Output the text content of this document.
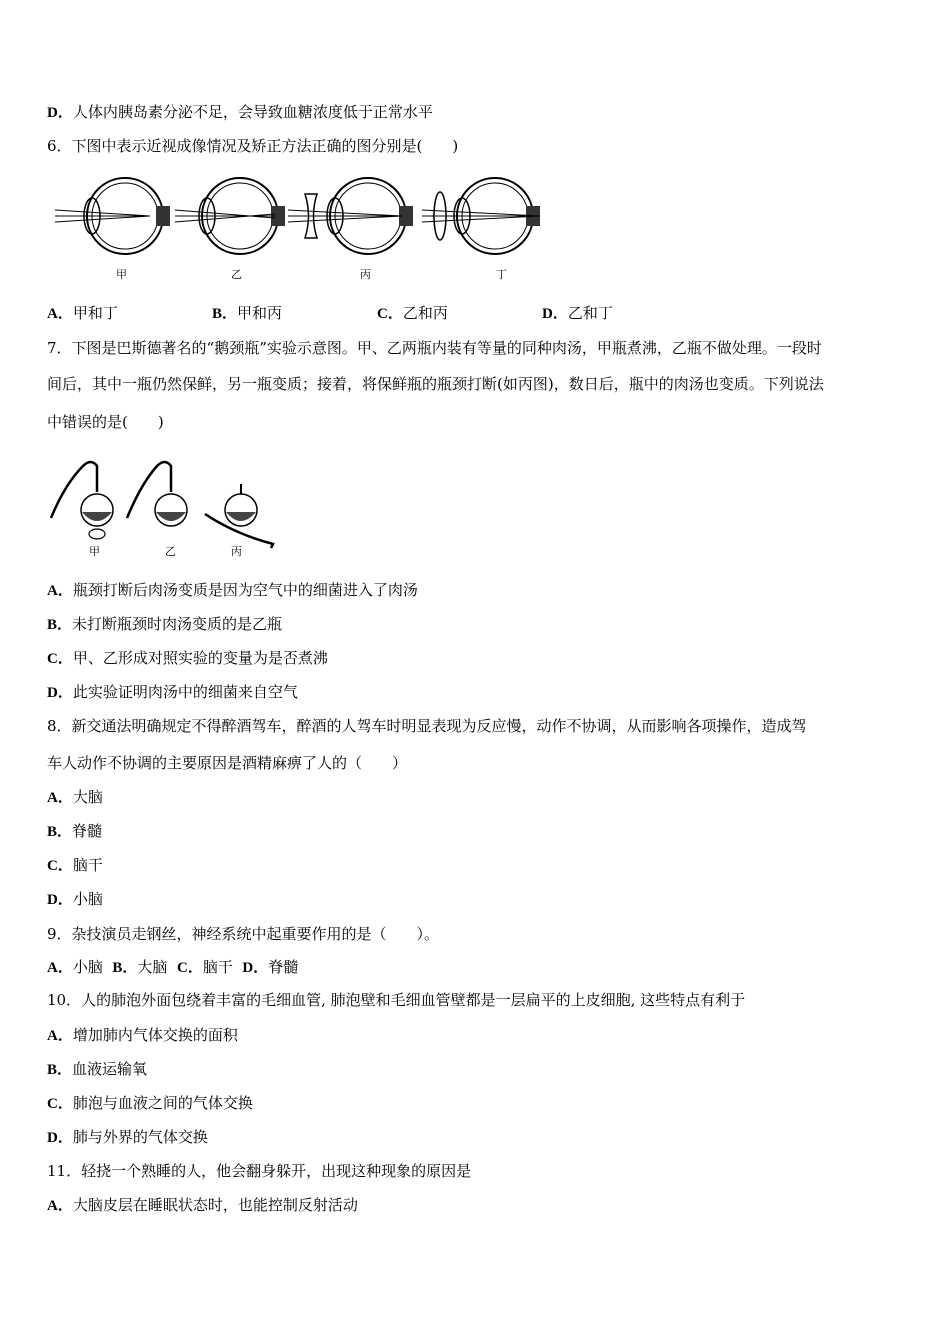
D．人体内胰岛素分泌不足，会导致血糖浓度低于正常水平
6．下图中表示近视成像情况及矫正方法正确的图分别是(　　)
甲	乙	丙	丁
A．甲和丁	B．甲和丙	C．乙和丙	D．乙和丁
7．下图是巴斯德著名的“鹅颈瓶”实验示意图。甲、乙两瓶内装有等量的同种肉汤，甲瓶煮沸，乙瓶不做处理。一段时
间后，其中一瓶仍然保鲜，另一瓶变质；接着，将保鲜瓶的瓶颈打断(如丙图)，数日后，瓶中的肉汤也变质。下列说法
中错误的是(　　)
甲	乙	丙
A．瓶颈打断后肉汤变质是因为空气中的细菌进入了肉汤
B．未打断瓶颈时肉汤变质的是乙瓶
C．甲、乙形成对照实验的变量为是否煮沸
D．此实验证明肉汤中的细菌来自空气
8．新交通法明确规定不得醉酒驾车，醉酒的人驾车时明显表现为反应慢，动作不协调，从而影响各项操作，造成驾
车人动作不协调的主要原因是酒精麻痹了人的（　　）
A．大脑
B．脊髓
C．脑干
D．小脑
9．杂技演员走钢丝，神经系统中起重要作用的是（　　）。
A．小脑 B．大脑 C．脑干 D．脊髓
10．人的肺泡外面包绕着丰富的毛细血管, 肺泡壁和毛细血管壁都是一层扁平的上皮细胞, 这些特点有利于
A．增加肺内气体交换的面积
B．血液运输氧
C．肺泡与血液之间的气体交换
D．肺与外界的气体交换
11．轻挠一个熟睡的人，他会翻身躲开，出现这种现象的原因是
A．大脑皮层在睡眠状态时，也能控制反射活动
